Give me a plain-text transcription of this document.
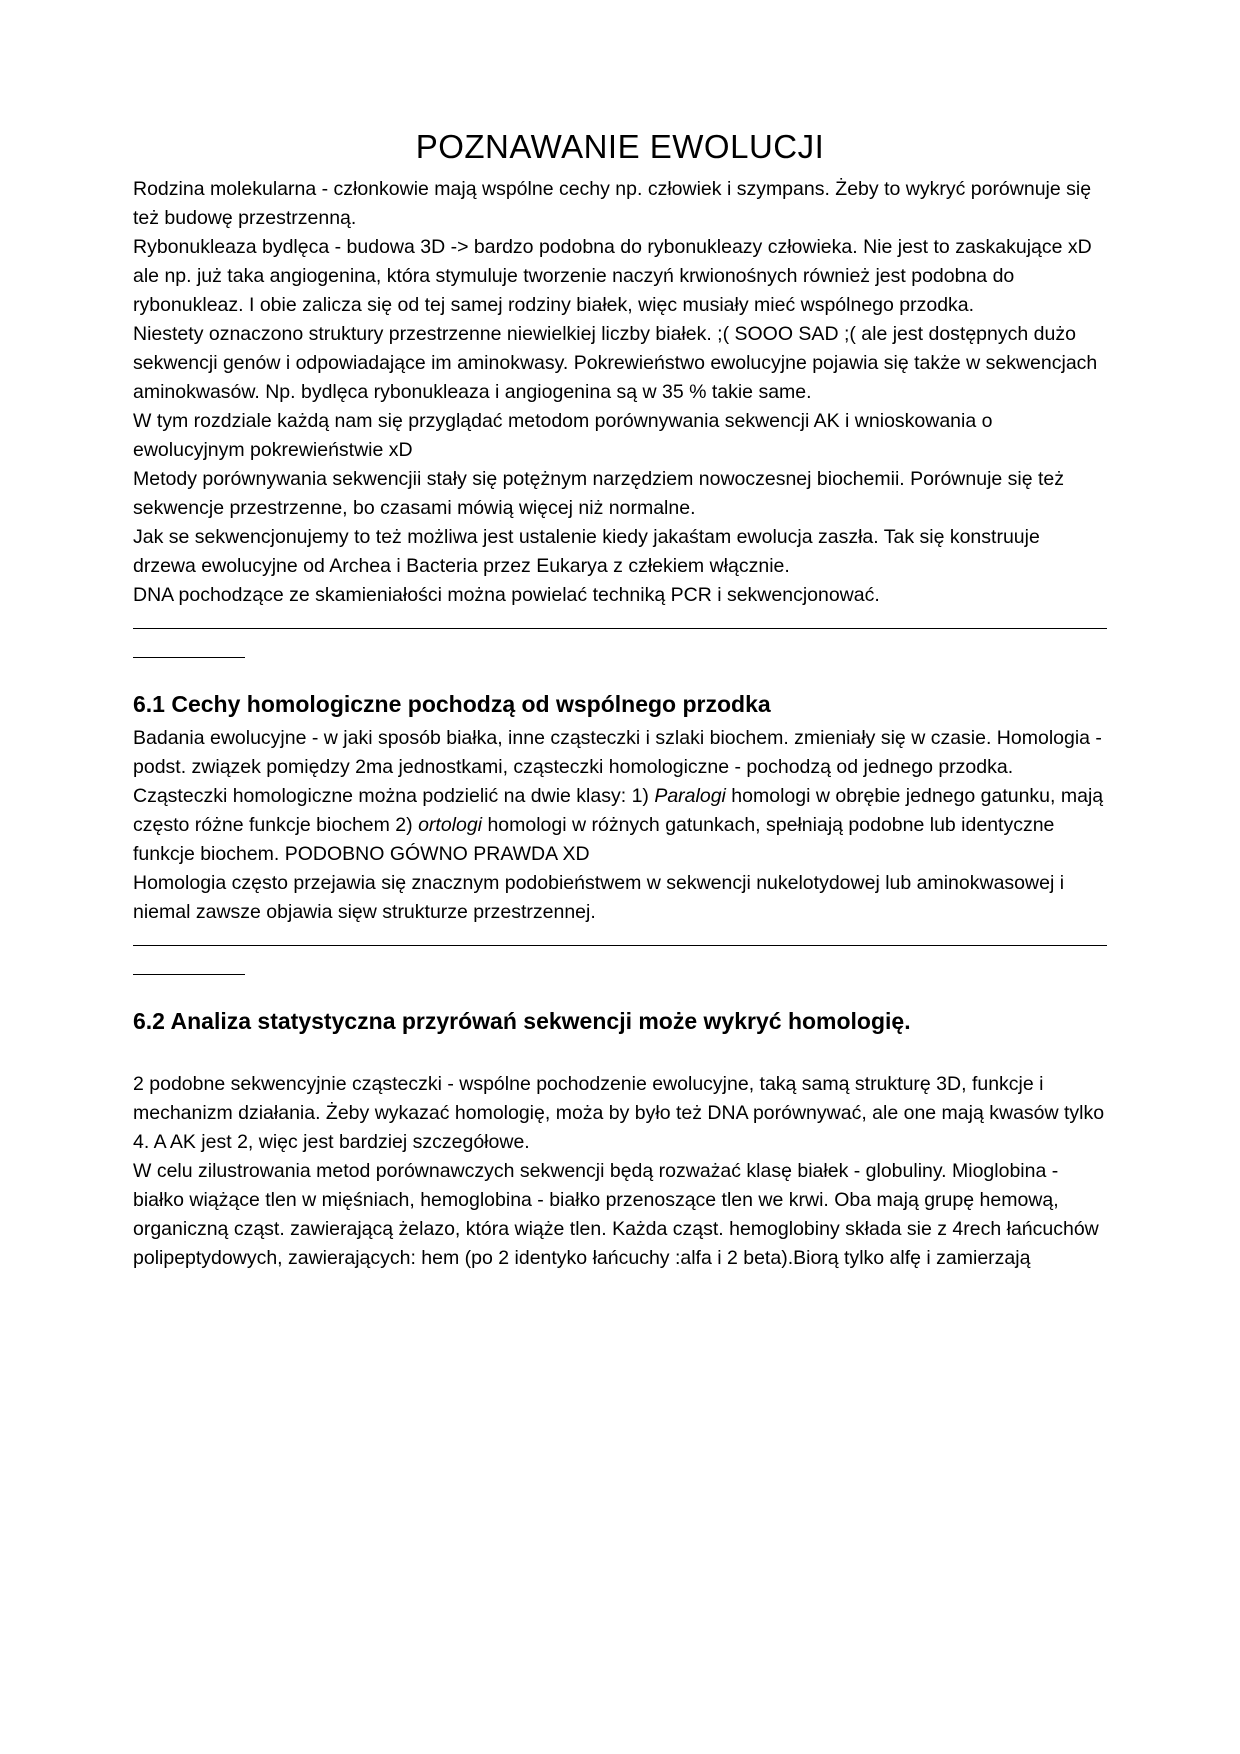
POZNAWANIE EWOLUCJI

Rodzina molekularna - członkowie mają wspólne cechy np. człowiek i szympans. Żeby to wykryć porównuje się też budowę przestrzenną.

Rybonukleaza bydlęca - budowa 3D -> bardzo podobna do rybonukleazy człowieka. Nie jest to zaskakujące xD ale np. już taka angiogenina, która stymuluje tworzenie naczyń krwionośnych również jest podobna do rybonukleaz. I obie zalicza się od tej samej rodziny białek, więc musiały mieć wspólnego przodka.

Niestety oznaczono struktury przestrzenne niewielkiej liczby białek. ;( SOOO SAD ;( ale jest dostępnych dużo sekwencji genów i odpowiadające im aminokwasy. Pokrewieństwo ewolucyjne pojawia się także w sekwencjach aminokwasów. Np. bydlęca rybonukleaza i angiogenina są w 35 % takie same.

W tym rozdziale każdą nam się przyglądać metodom porównywania sekwencji AK i wnioskowania o ewolucyjnym pokrewieństwie xD

Metody porównywania sekwencjii stały się potężnym narzędziem nowoczesnej biochemii. Porównuje się też sekwencje przestrzenne, bo czasami mówią więcej niż normalne.

Jak se sekwencjonujemy to też możliwa jest ustalenie kiedy jakaśtam ewolucja zaszła. Tak się konstruuje drzewa ewolucyjne od Archea i Bacteria przez Eukarya z człekiem włącznie.

DNA pochodzące ze skamieniałości można powielać techniką PCR i sekwencjonować.

6.1 Cechy homologiczne pochodzą od wspólnego przodka

Badania ewolucyjne - w jaki sposób białka, inne cząsteczki i szlaki biochem. zmieniały się w czasie. Homologia -podst. związek pomiędzy 2ma jednostkami, cząsteczki homologiczne - pochodzą od jednego przodka.

Cząsteczki homologiczne można podzielić na dwie klasy: 1) Paralogi homologi w obrębie jednego gatunku, mają często różne funkcje biochem 2) ortologi homologi w różnych gatunkach, spełniają podobne lub identyczne funkcje biochem. PODOBNO GÓWNO PRAWDA XD

Homologia często przejawia się znacznym podobieństwem w sekwencji nukelotydowej lub aminokwasowej i niemal zawsze objawia sięw strukturze przestrzennej.

6.2 Analiza statystyczna przyrówań sekwencji może wykryć homologię.

2 podobne sekwencyjnie cząsteczki - wspólne pochodzenie ewolucyjne, taką samą strukturę 3D, funkcje i mechanizm działania. Żeby wykazać homologię, moża by było też DNA porównywać, ale one mają kwasów tylko 4. A AK jest 2, więc jest bardziej szczegółowe.

W celu zilustrowania metod porównawczych sekwencji będą rozważać klasę białek - globuliny. Mioglobina - białko wiążące tlen w mięśniach, hemoglobina - białko przenoszące tlen we krwi. Oba mają grupę hemową, organiczną cząst. zawierającą żelazo, która wiąże tlen. Każda cząst. hemoglobiny składa sie z 4rech łańcuchów polipeptydowych, zawierających: hem (po 2 identyko łańcuchy :alfa i 2 beta).Biorą tylko alfę i zamierzają
